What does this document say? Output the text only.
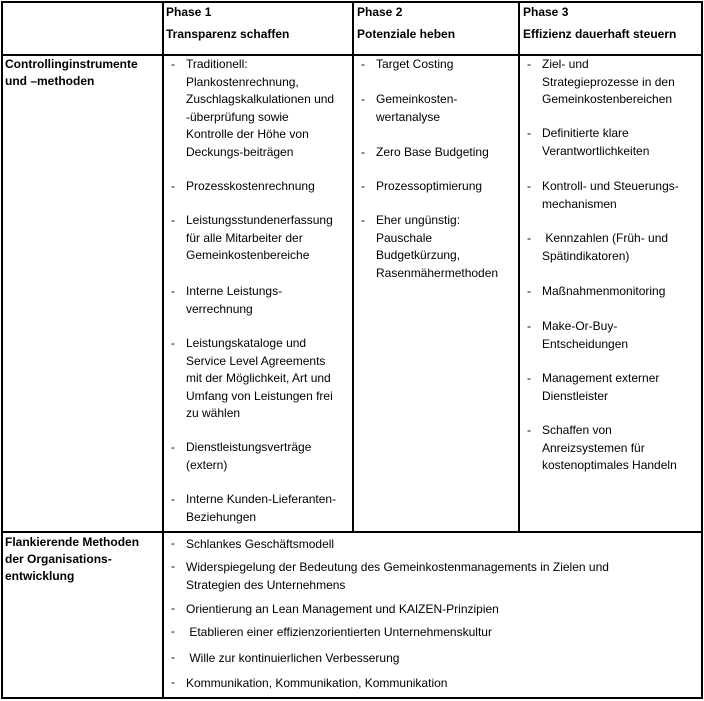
Phase 1
Transparenz schaffen
Phase 2
Potenziale heben
Phase 3
Effizienz dauerhaft steuern
Controllinginstrumente
und –methoden
Flankierende Methoden
der Organisations-
entwicklung
- Traditionell:
Plankostenrechnung,
Zuschlagskalkulationen und
-überprüfung sowie
Kontrolle der Höhe von
Deckungs-beiträgen
- Prozesskostenrechnung
- Leistungsstundenerfassung
für alle Mitarbeiter der
Gemeinkostenbereiche
- Interne Leistungs-
verrechnung
- Leistungskataloge und
Service Level Agreements
mit der Möglichkeit, Art und
Umfang von Leistungen frei
zu wählen
- Dienstleistungsverträge
(extern)
- Interne Kunden-Lieferanten-
Beziehungen
- Target Costing
- Gemeinkosten-
wertanalyse
- Zero Base Budgeting
- Prozessoptimierung
- Eher ungünstig:
Pauschale
Budgetkürzung,
Rasenmähermethoden
- Ziel- und
Strategieprozesse in den
Gemeinkostenbereichen
- Definitierte klare
Verantwortlichkeiten
- Kontroll- und Steuerungs-
mechanismen
- Kennzahlen (Früh- und
Spätindikatoren)
- Maßnahmenmonitoring
- Make-Or-Buy-
Entscheidungen
- Management externer
Dienstleister
- Schaffen von
Anreizsystemen für
kostenoptimales Handeln
- Schlankes Geschäftsmodell
- Widerspiegelung der Bedeutung des Gemeinkostenmanagements in Zielen und
Strategien des Unternehmens
- Orientierung an Lean Management und KAIZEN-Prinzipien
- Etablieren einer effizienzorientierten Unternehmenskultur
- Wille zur kontinuierlichen Verbesserung
- Kommunikation, Kommunikation, Kommunikation
